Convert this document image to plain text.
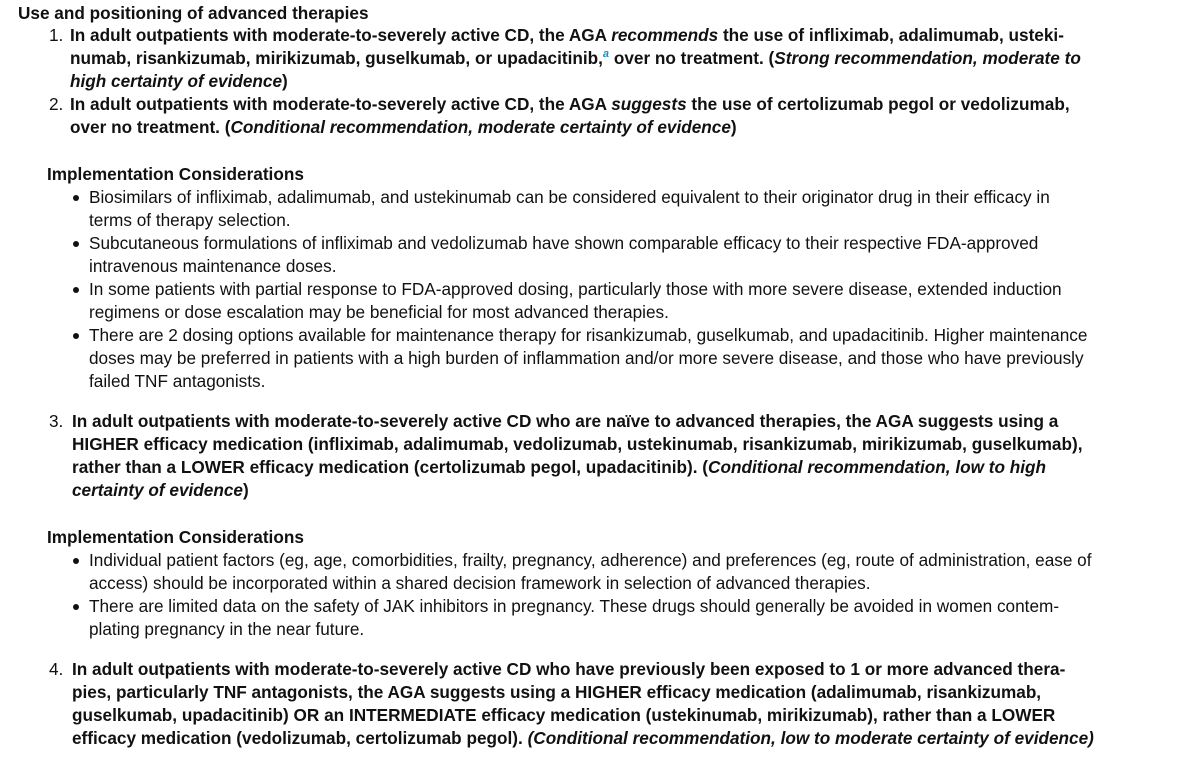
Use and positioning of advanced therapies
1. In adult outpatients with moderate-to-severely active CD, the AGA recommends the use of infliximab, adalimumab, usteki-
numab, risankizumab, mirikizumab, guselkumab, or upadacitinib,$^a$ over no treatment. (Strong recommendation, moderate to
high certainty of evidence)
2. In adult outpatients with moderate-to-severely active CD, the AGA suggests the use of certolizumab pegol or vedolizumab,
over no treatment. (Conditional recommendation, moderate certainty of evidence)
Implementation Considerations
Biosimilars of infliximab, adalimumab, and ustekinumab can be considered equivalent to their originator drug in their efficacy in
terms of therapy selection.
Subcutaneous formulations of infliximab and vedolizumab have shown comparable efficacy to their respective FDA-approved
intravenous maintenance doses.
In some patients with partial response to FDA-approved dosing, particularly those with more severe disease, extended induction
regimens or dose escalation may be beneficial for most advanced therapies.
There are 2 dosing options available for maintenance therapy for risankizumab, guselkumab, and upadacitinib. Higher maintenance
doses may be preferred in patients with a high burden of inflammation and/or more severe disease, and those who have previously
failed TNF antagonists.
3. In adult outpatients with moderate-to-severely active CD who are naïve to advanced therapies, the AGA suggests using a
HIGHER efficacy medication (infliximab, adalimumab, vedolizumab, ustekinumab, risankizumab, mirikizumab, guselkumab),
rather than a LOWER efficacy medication (certolizumab pegol, upadacitinib). (Conditional recommendation, low to high
certainty of evidence)
Implementation Considerations
Individual patient factors (eg, age, comorbidities, frailty, pregnancy, adherence) and preferences (eg, route of administration, ease of
access) should be incorporated within a shared decision framework in selection of advanced therapies.
There are limited data on the safety of JAK inhibitors in pregnancy. These drugs should generally be avoided in women contem-
plating pregnancy in the near future.
4. In adult outpatients with moderate-to-severely active CD who have previously been exposed to 1 or more advanced thera-
pies, particularly TNF antagonists, the AGA suggests using a HIGHER efficacy medication (adalimumab, risankizumab,
guselkumab, upadacitinib) OR an INTERMEDIATE efficacy medication (ustekinumab, mirikizumab), rather than a LOWER
efficacy medication (vedolizumab, certolizumab pegol). (Conditional recommendation, low to moderate certainty of evidence)
